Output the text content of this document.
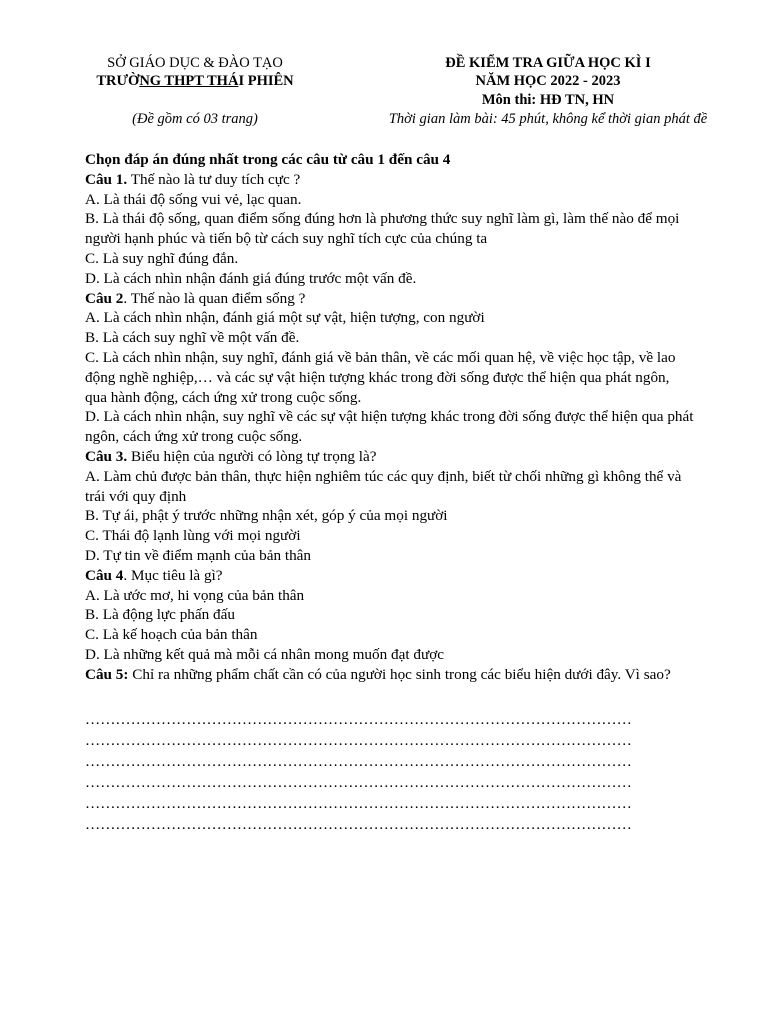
SỞ GIÁO DỤC & ĐÀO TẠO
TRƯỜNG THPT THÁI PHIÊN
(Đề gồm có 03 trang)
ĐỀ KIỂM TRA GIỮA HỌC KÌ I
NĂM HỌC 2022 - 2023
Môn thi: HĐ TN, HN
Thời gian làm bài: 45 phút, không kể thời gian phát đề

Chọn đáp án đúng nhất trong các câu từ câu 1 đến câu 4

Câu 1. Thế nào là tư duy tích cực ?

A. Là thái độ sống vui vẻ, lạc quan.

B. Là thái độ sống, quan điểm sống đúng hơn là phương thức suy nghĩ làm gì, làm thế nào để mọi người hạnh phúc và tiến bộ từ cách suy nghĩ tích cực của chúng ta

C. Là suy nghĩ đúng đắn.

D. Là cách nhìn nhận đánh giá đúng trước một vấn đề.

Câu 2. Thế nào là quan điểm sống ?

A. Là cách nhìn nhận, đánh giá một sự vật, hiện tượng, con người

B. Là cách suy nghĩ về một vấn đề.

C. Là cách nhìn nhận, suy nghĩ, đánh giá về bản thân, về các mối quan hệ, về việc học tập, về lao động nghề nghiệp,… và các sự vật hiện tượng khác trong đời sống được thể hiện qua phát ngôn, qua hành động, cách ứng xử trong cuộc sống.

D. Là cách nhìn nhận, suy nghĩ về các sự vật hiện tượng khác trong đời sống được thể hiện qua phát ngôn, cách ứng xử trong cuộc sống.

Câu 3. Biểu hiện của người có lòng tự trọng là?

A. Làm chủ được bản thân, thực hiện nghiêm túc các quy định, biết từ chối những gì không thể và trái với quy định

B. Tự ái, phật ý trước những nhận xét, góp ý của mọi người

C. Thái độ lạnh lùng với mọi người

D. Tự tin về điểm mạnh của bản thân

Câu 4. Mục tiêu là gì?

A. Là ước mơ, hi vọng của bản thân

B. Là động lực phấn đấu

C. Là kế hoạch của bản thân

D. Là những kết quả mà mỗi cá nhân mong muốn đạt được

Câu 5: Chỉ ra những phẩm chất cần có của người học sinh trong các biểu hiện dưới đây. Vì sao?

………………………………………………………………………………………………
………………………………………………………………………………………………
………………………………………………………………………………………………
………………………………………………………………………………………………
………………………………………………………………………………………………
………………………………………………………………………………………………
